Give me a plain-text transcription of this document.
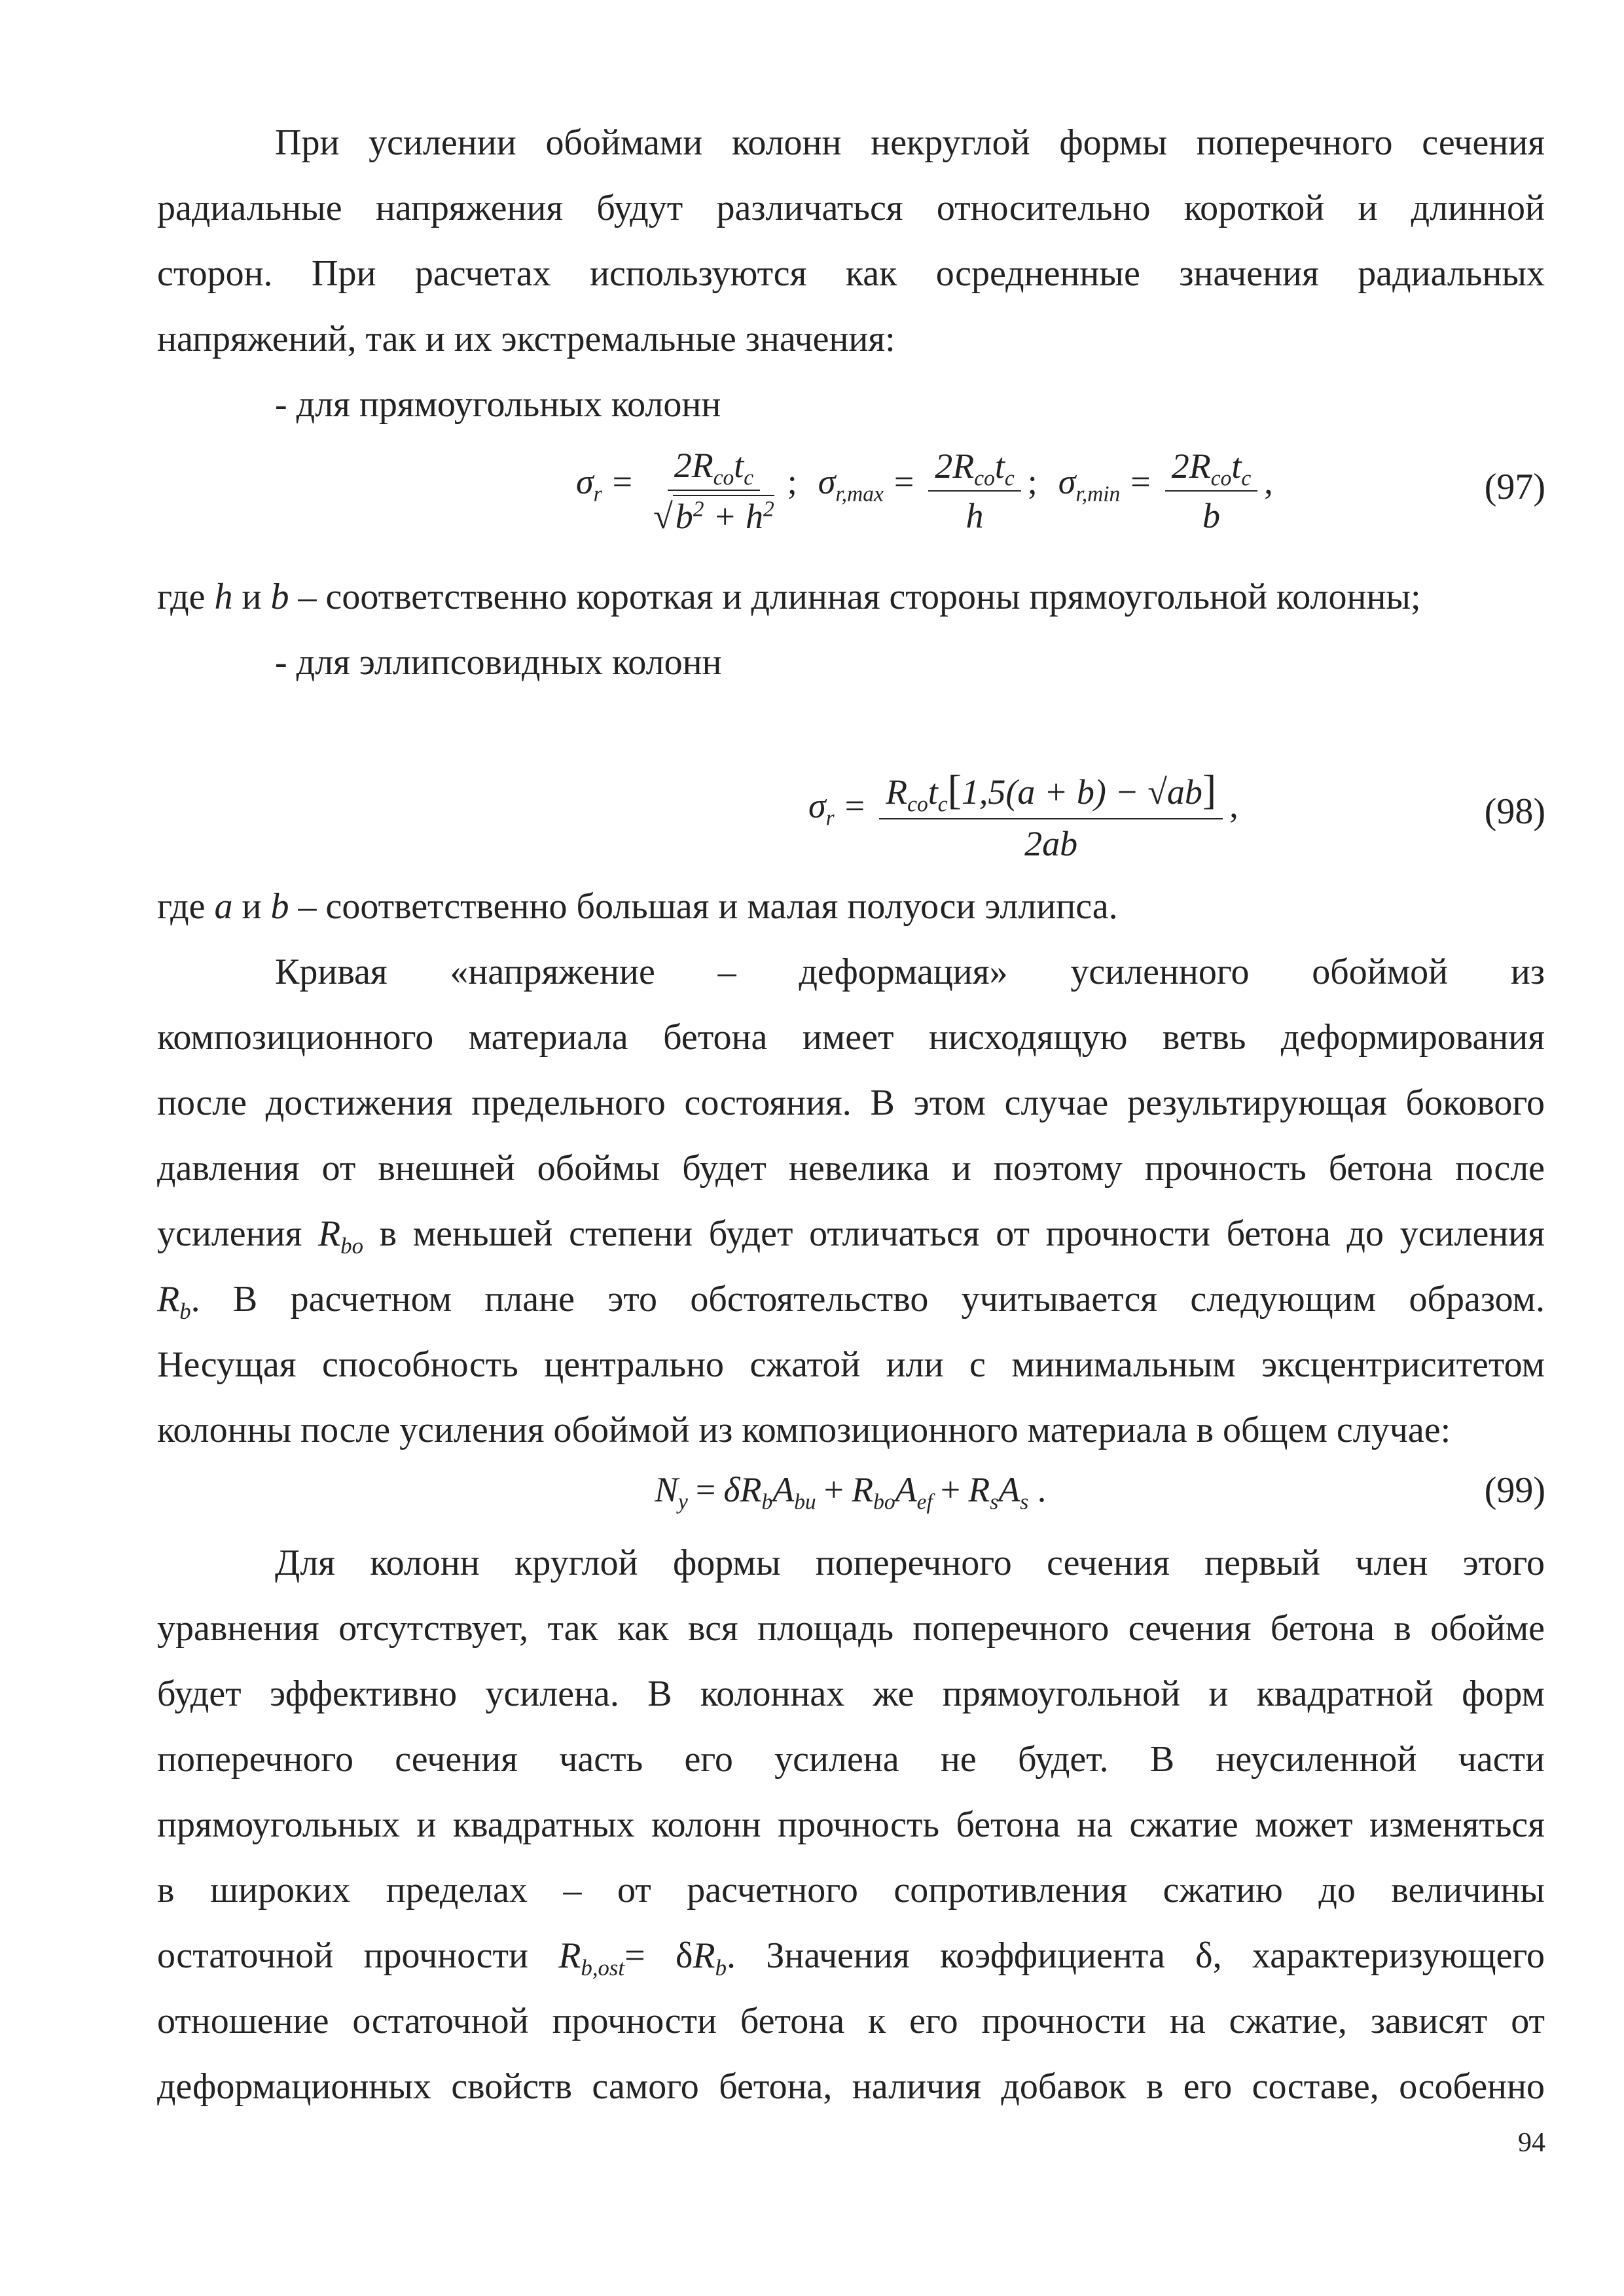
При усилении обоймами колонн некруглой формы поперечного сечения
радиальные напряжения будут различаться относительно короткой и длинной
сторон. При расчетах используются как осредненные значения радиальных
напряжений, так и их экстремальные значения:
- для прямоугольных колонн
$\sigma_r = \frac{2R_{co}t_c}{√b^2 + h^2}$ ; $\sigma_{r,max} = \frac{2R_{co}t_c}{h}$ ; $\sigma_{r,min} = \frac{2R_{co}t_c}{b}$ ,	(97)
где h и b – соответственно короткая и длинная стороны прямоугольной колонны;
- для эллипсовидных колонн
$\sigma_r = \frac{R_{co}t_c[1,5(a + b) - √ab]}{2ab}$ ,	(98)
где a и b – соответственно большая и малая полуоси эллипса.
Кривая «напряжение – деформация» усиленного обоймой из
композиционного материала бетона имеет нисходящую ветвь деформирования
после достижения предельного состояния. В этом случае результирующая бокового
давления от внешней обоймы будет невелика и поэтому прочность бетона после
усиления $R_{bo}$ в меньшей степени будет отличаться от прочности бетона до усиления
$R_b$. В расчетном плане это обстоятельство учитывается следующим образом.
Несущая способность центрально сжатой или с минимальным эксцентриситетом
колонны после усиления обоймой из композиционного материала в общем случае:
$N_y = \delta R_bA_{bu} + R_{bo}A_{ef} + R_sA_s$ .	(99)
Для колонн круглой формы поперечного сечения первый член этого
уравнения отсутствует, так как вся площадь поперечного сечения бетона в обойме
будет эффективно усилена. В колоннах же прямоугольной и квадратной форм
поперечного сечения часть его усилена не будет. В неусиленной части
прямоугольных и квадратных колонн прочность бетона на сжатие может изменяться
в широких пределах – от расчетного сопротивления сжатию до величины
остаточной прочности $R_{b,ost}= \delta R_b$. Значения коэффициента δ, характеризующего
отношение остаточной прочности бетона к его прочности на сжатие, зависят от
деформационных свойств самого бетона, наличия добавок в его составе, особенно
94
